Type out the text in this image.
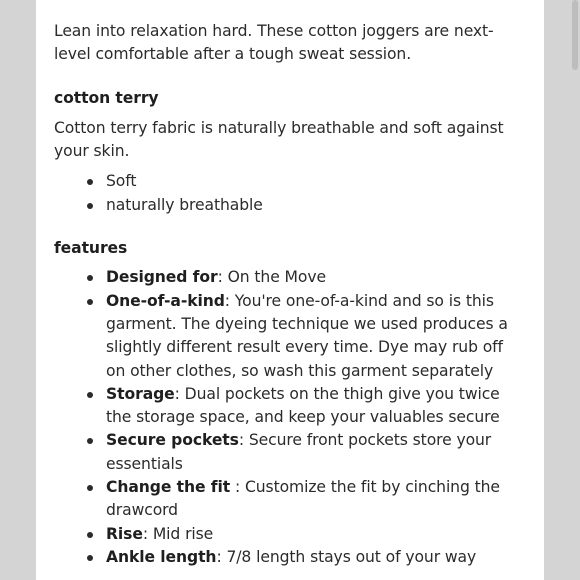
Lean into relaxation hard. These cotton joggers are next-level comfortable after a tough sweat session.

cotton terry

Cotton terry fabric is naturally breathable and soft against your skin.

Soft
naturally breathable

features

Designed for: On the Move
One-of-a-kind: You're one-of-a-kind and so is this garment. The dyeing technique we used produces a slightly different result every time. Dye may rub off on other clothes, so wash this garment separately
Storage: Dual pockets on the thigh give you twice the storage space, and keep your valuables secure
Secure pockets: Secure front pockets store your essentials
Change the fit : Customize the fit by cinching the drawcord
Rise: Mid rise
Ankle length: 7/8 length stays out of your way
